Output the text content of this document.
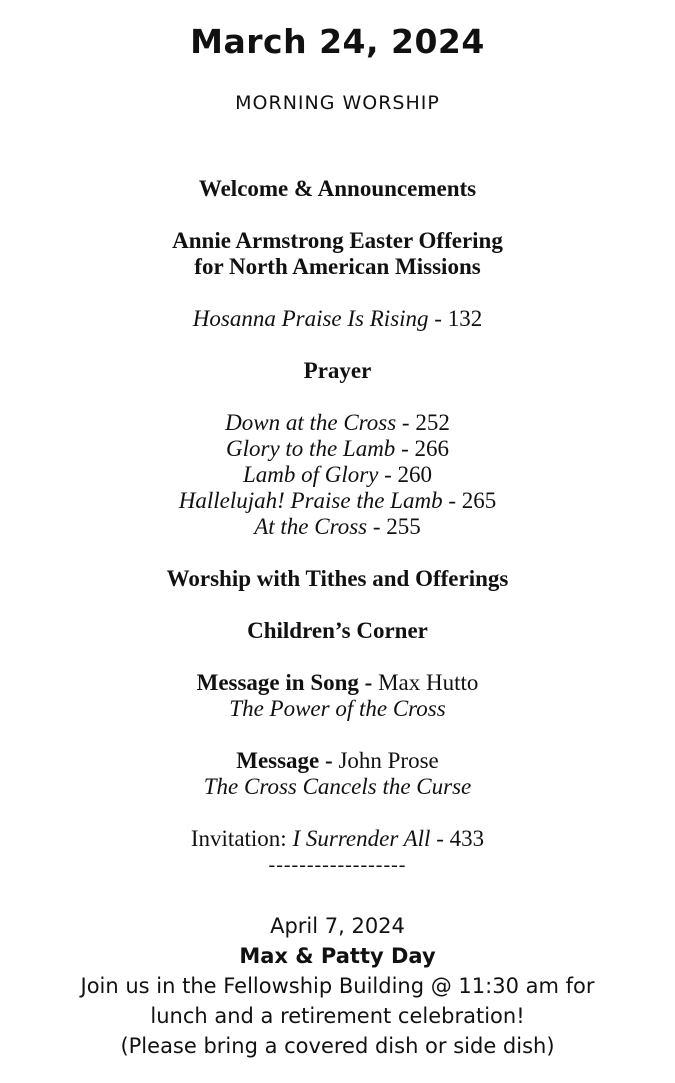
March 24, 2024
MORNING WORSHIP
Welcome & Announcements
Annie Armstrong Easter Offering
for North American Missions
Hosanna Praise Is Rising - 132
Prayer
Down at the Cross - 252
Glory to the Lamb - 266
Lamb of Glory - 260
Hallelujah! Praise the Lamb - 265
At the Cross - 255
Worship with Tithes and Offerings
Children’s Corner
Message in Song - Max Hutto
The Power of the Cross
Message - John Prose
The Cross Cancels the Curse
Invitation: I Surrender All - 433
------------------
April 7, 2024
Max & Patty Day
Join us in the Fellowship Building @ 11:30 am for
lunch and a retirement celebration!
(Please bring a covered dish or side dish)
